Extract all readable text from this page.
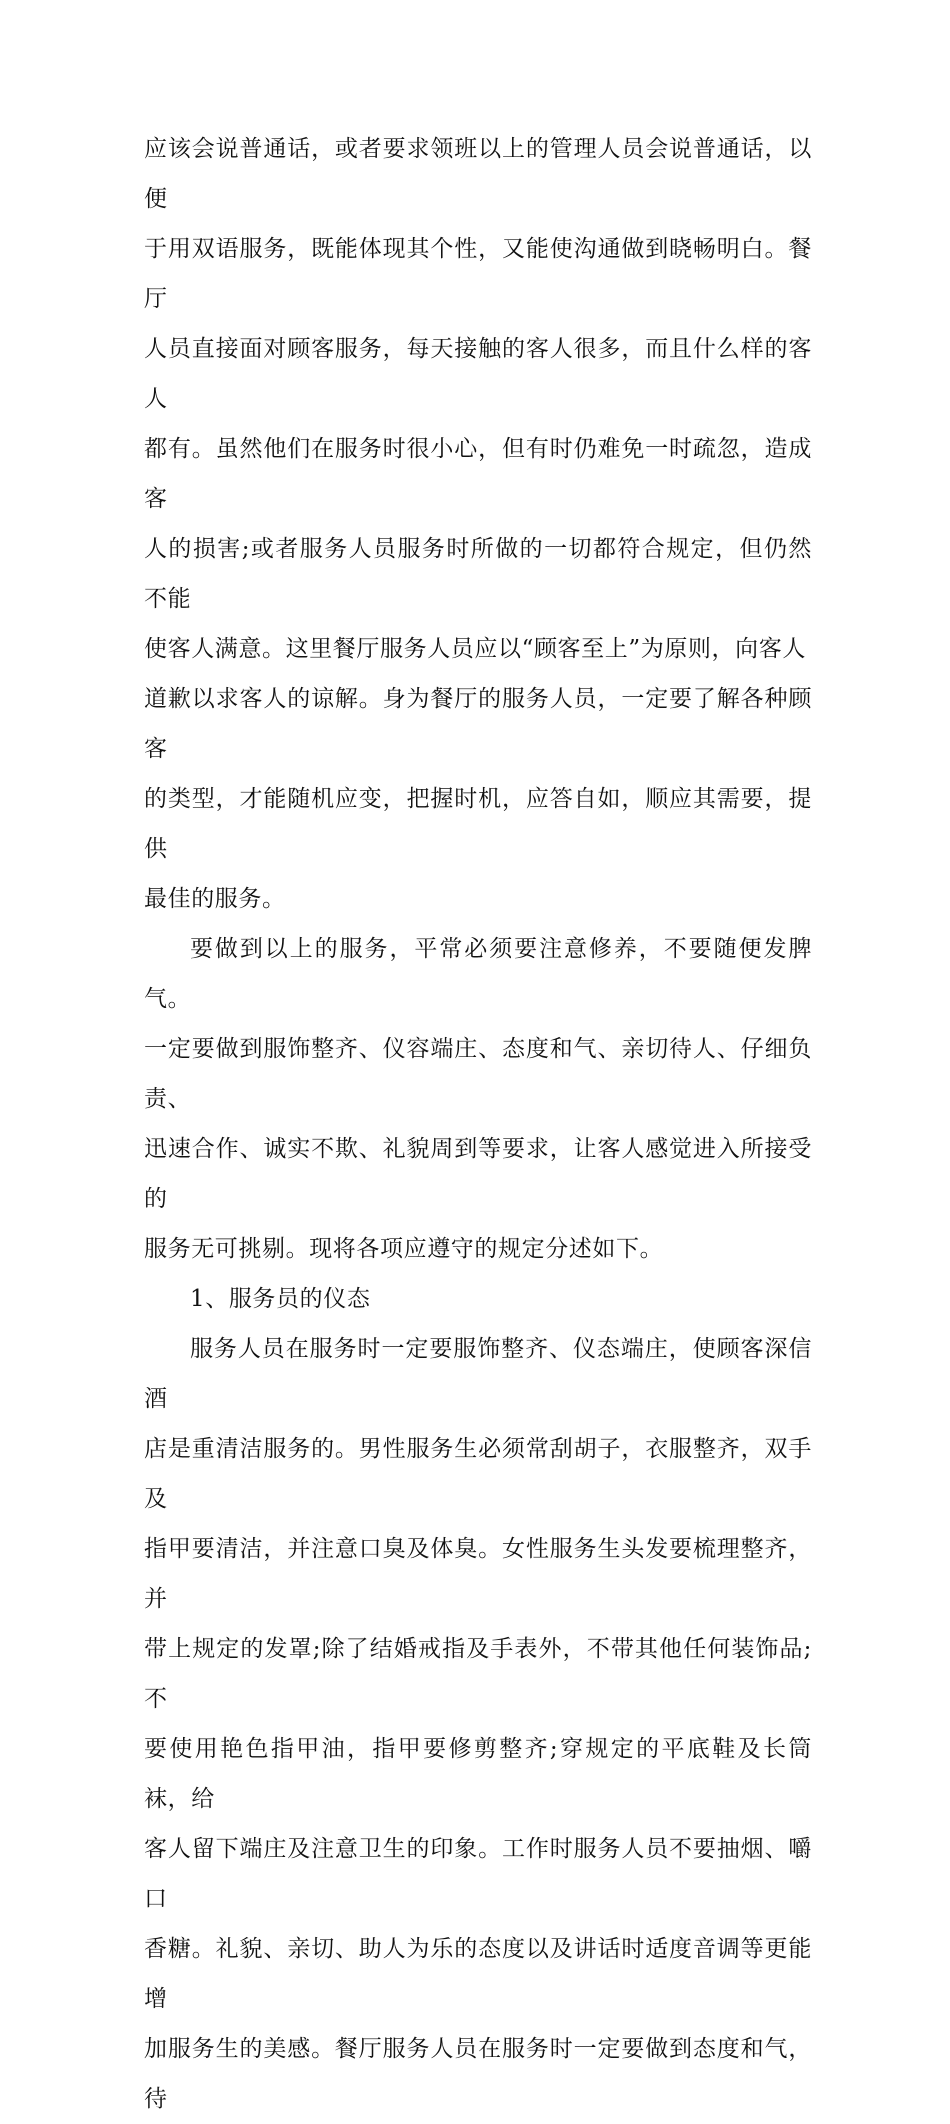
应该会说普通话，或者要求领班以上的管理人员会说普通话，以便
于用双语服务，既能体现其个性，又能使沟通做到晓畅明白。餐厅
人员直接面对顾客服务，每天接触的客人很多，而且什么样的客人
都有。虽然他们在服务时很小心，但有时仍难免一时疏忽，造成客
人的损害;或者服务人员服务时所做的一切都符合规定，但仍然不能
使客人满意。这里餐厅服务人员应以“顾客至上”为原则，向客人
道歉以求客人的谅解。身为餐厅的服务人员，一定要了解各种顾客
的类型，才能随机应变，把握时机，应答自如，顺应其需要，提供
最佳的服务。
要做到以上的服务，平常必须要注意修养，不要随便发脾气。
一定要做到服饰整齐、仪容端庄、态度和气、亲切待人、仔细负责、
迅速合作、诚实不欺、礼貌周到等要求，让客人感觉进入所接受的
服务无可挑剔。现将各项应遵守的规定分述如下。
1、服务员的仪态
服务人员在服务时一定要服饰整齐、仪态端庄，使顾客深信酒
店是重清洁服务的。男性服务生必须常刮胡子，衣服整齐，双手及
指甲要清洁，并注意口臭及体臭。女性服务生头发要梳理整齐，并
带上规定的发罩;除了结婚戒指及手表外，不带其他任何装饰品;不
要使用艳色指甲油，指甲要修剪整齐;穿规定的平底鞋及长筒袜，给
客人留下端庄及注意卫生的印象。工作时服务人员不要抽烟、嚼口
香糖。礼貌、亲切、助人为乐的态度以及讲话时适度音调等更能增
加服务生的美感。餐厅服务人员在服务时一定要做到态度和气，待
